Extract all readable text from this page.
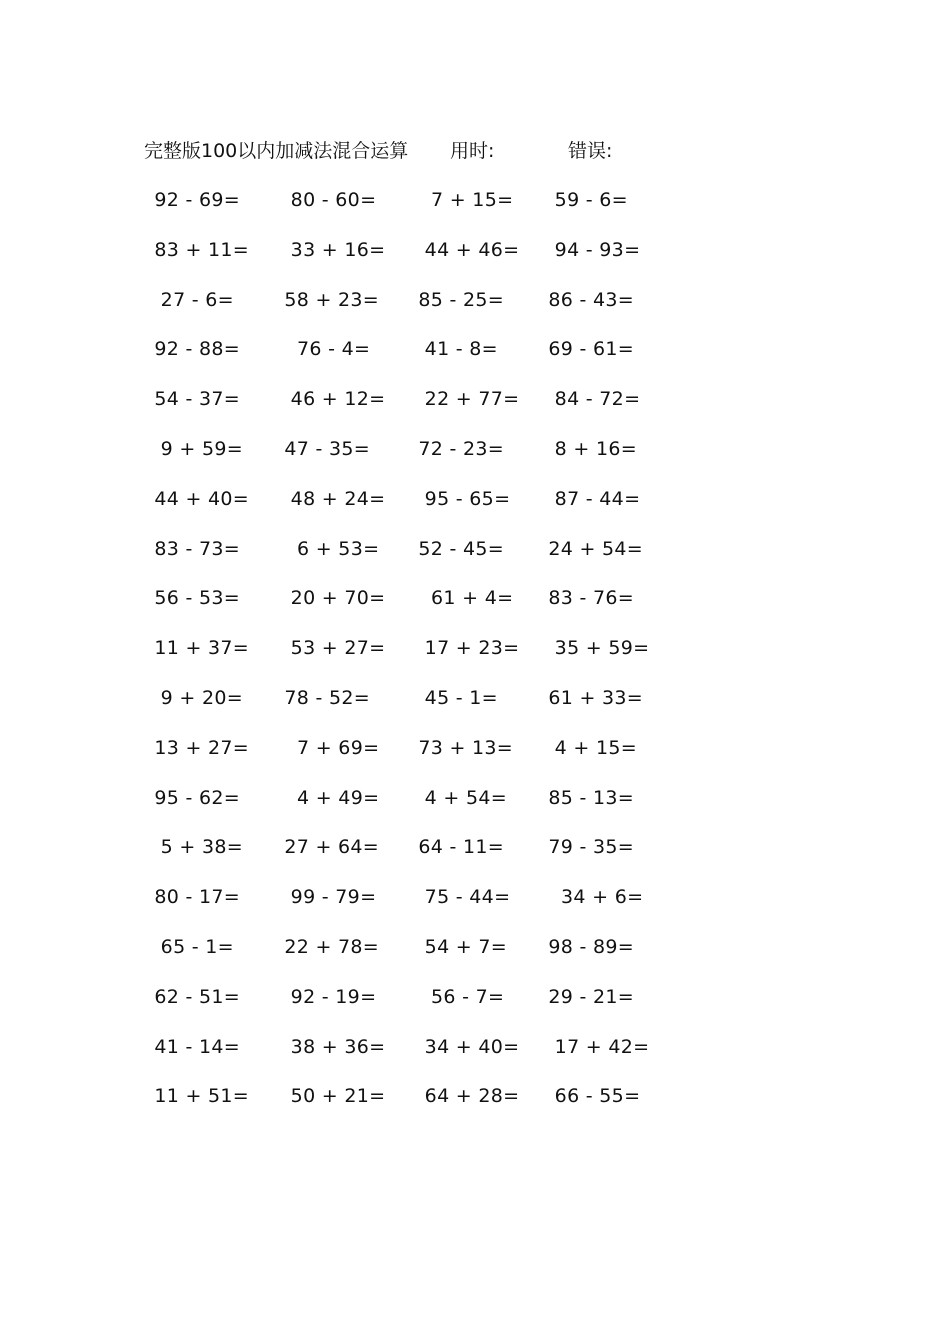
完整版100以内加减法混合运算 用时:	错误:
92 - 69=	80 - 60=	7 + 15=	59 - 6=
83 + 11=	33 + 16=	44 + 46=	94 - 93=
27 - 6=	58 + 23=	85 - 25=	86 - 43=
92 - 88=	76 - 4=	41 - 8=	69 - 61=
54 - 37=	46 + 12=	22 + 77=	84 - 72=
9 + 59=	47 - 35=	72 - 23=	8 + 16=
44 + 40=	48 + 24=	95 - 65=	87 - 44=
83 - 73=	6 + 53=	52 - 45=	24 + 54=
56 - 53=	20 + 70=	61 + 4=	83 - 76=
11 + 37=	53 + 27=	17 + 23=	35 + 59=
9 + 20=	78 - 52=	45 - 1=	61 + 33=
13 + 27=	7 + 69=	73 + 13=	4 + 15=
95 - 62=	4 + 49=	4 + 54=	85 - 13=
5 + 38=	27 + 64=	64 - 11=	79 - 35=
80 - 17=	99 - 79=	75 - 44=	34 + 6=
65 - 1=	22 + 78=	54 + 7=	98 - 89=
62 - 51=	92 - 19=	56 - 7=	29 - 21=
41 - 14=	38 + 36=	34 + 40=	17 + 42=
11 + 51=	50 + 21=	64 + 28=	66 - 55=
